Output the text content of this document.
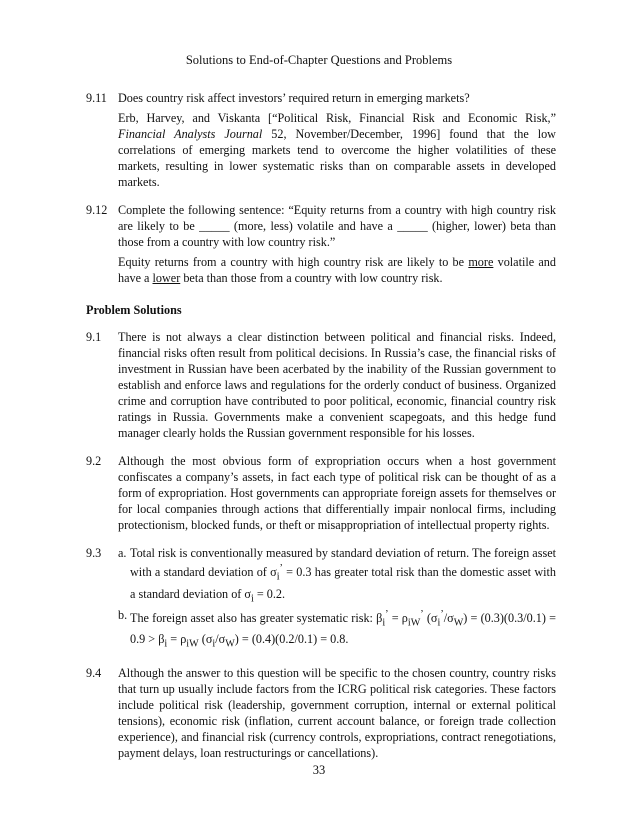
Solutions to End-of-Chapter Questions and Problems
9.11 Does country risk affect investors’ required return in emerging markets?

Erb, Harvey, and Viskanta [“Political Risk, Financial Risk and Economic Risk,” Financial Analysts Journal 52, November/December, 1996] found that the low correlations of emerging markets tend to overcome the higher volatilities of these markets, resulting in lower systematic risks than on comparable assets in developed markets.

9.12 Complete the following sentence: “Equity returns from a country with high country risk are likely to be _____ (more, less) volatile and have a _____ (higher, lower) beta than those from a country with low country risk.”

Equity returns from a country with high country risk are likely to be more volatile and have a lower beta than those from a country with low country risk.

Problem Solutions
9.1	There is not always a clear distinction between political and financial risks. Indeed, financial risks often result from political decisions. In Russia’s case, the financial risks of investment in Russian have been acerbated by the inability of the Russian government to establish and enforce laws and regulations for the orderly conduct of business. Organized crime and corruption have contributed to poor political, economic, financial country risk ratings in Russia. Governments make a convenient scapegoats, and this hedge fund manager clearly holds the Russian government responsible for his losses.

9.2	Although the most obvious form of expropriation occurs when a host government confiscates a company’s assets, in fact each type of political risk can be thought of as a form of expropriation. Host governments can appropriate foreign assets for themselves or for local companies through actions that differentially impair nonlocal firms, including protectionism, blocked funds, or theft or misappropriation of intellectual property rights.

9.3	a. Total risk is conventionally measured by standard deviation of return. The foreign asset with a standard deviation of $\sigma_i^’ = 0.3$ has greater total risk than the domestic asset with a standard deviation of $\sigma_i = 0.2$.
b. The foreign asset also has greater systematic risk: $\beta_i^’ = \rho_{iW}^’$ $(\sigma_i^’/\sigma_W) = (0.3)(0.3/0.1) = 0.9 > \beta_i = \rho_{iW}$ $(\sigma_i/\sigma_W) = (0.4)(0.2/0.1) = 0.8$.
9.4	Although the answer to this question will be specific to the chosen country, country risks that turn up usually include factors from the ICRG political risk categories. These factors include political risk (leadership, government corruption, internal or external political tensions), economic risk (inflation, current account balance, or foreign trade collection experience), and financial risk (currency controls, expropriations, contract renegotiations, payment delays, loan restructurings or cancellations).

33
